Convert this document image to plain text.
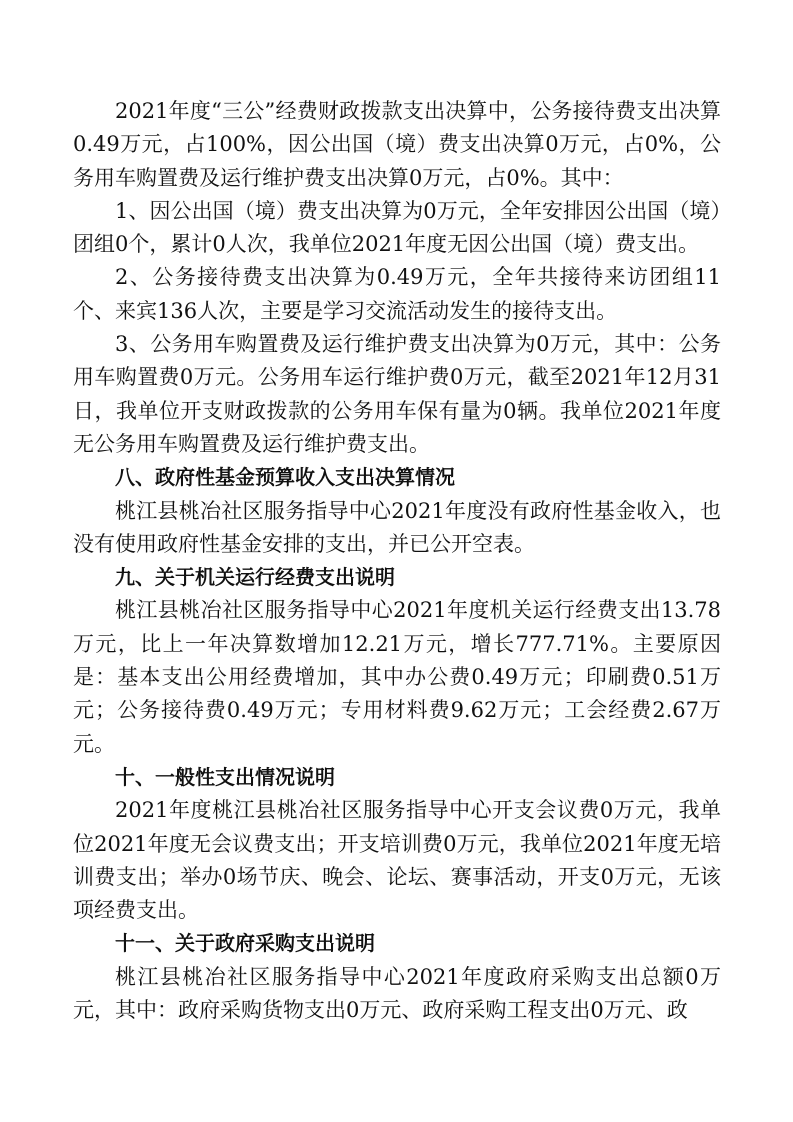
2021年度“三公”经费财政拨款支出决算中，公务接待费支出决算0.49万元，占100%，因公出国（境）费支出决算0万元，占0%，公务用车购置费及运行维护费支出决算0万元，占0%。其中：

1、因公出国（境）费支出决算为0万元，全年安排因公出国（境）团组0个，累计0人次，我单位2021年度无因公出国（境）费支出。

2、公务接待费支出决算为0.49万元，全年共接待来访团组11个、来宾136人次，主要是学习交流活动发生的接待支出。

3、公务用车购置费及运行维护费支出决算为0万元，其中：公务用车购置费0万元。公务用车运行维护费0万元，截至2021年12月31日，我单位开支财政拨款的公务用车保有量为0辆。我单位2021年度无公务用车购置费及运行维护费支出。

八、政府性基金预算收入支出决算情况

桃江县桃冶社区服务指导中心2021年度没有政府性基金收入，也没有使用政府性基金安排的支出，并已公开空表。

九、关于机关运行经费支出说明

桃江县桃冶社区服务指导中心2021年度机关运行经费支出13.78万元，比上一年决算数增加12.21万元，增长777.71%。主要原因是：基本支出公用经费增加，其中办公费0.49万元；印刷费0.51万元；公务接待费0.49万元；专用材料费9.62万元；工会经费2.67万元。

十、一般性支出情况说明

2021年度桃江县桃冶社区服务指导中心开支会议费0万元，我单位2021年度无会议费支出；开支培训费0万元，我单位2021年度无培训费支出；举办0场节庆、晚会、论坛、赛事活动，开支0万元，无该项经费支出。

十一、关于政府采购支出说明

桃江县桃冶社区服务指导中心2021年度政府采购支出总额0万元，其中：政府采购货物支出0万元、政府采购工程支出0万元、政
